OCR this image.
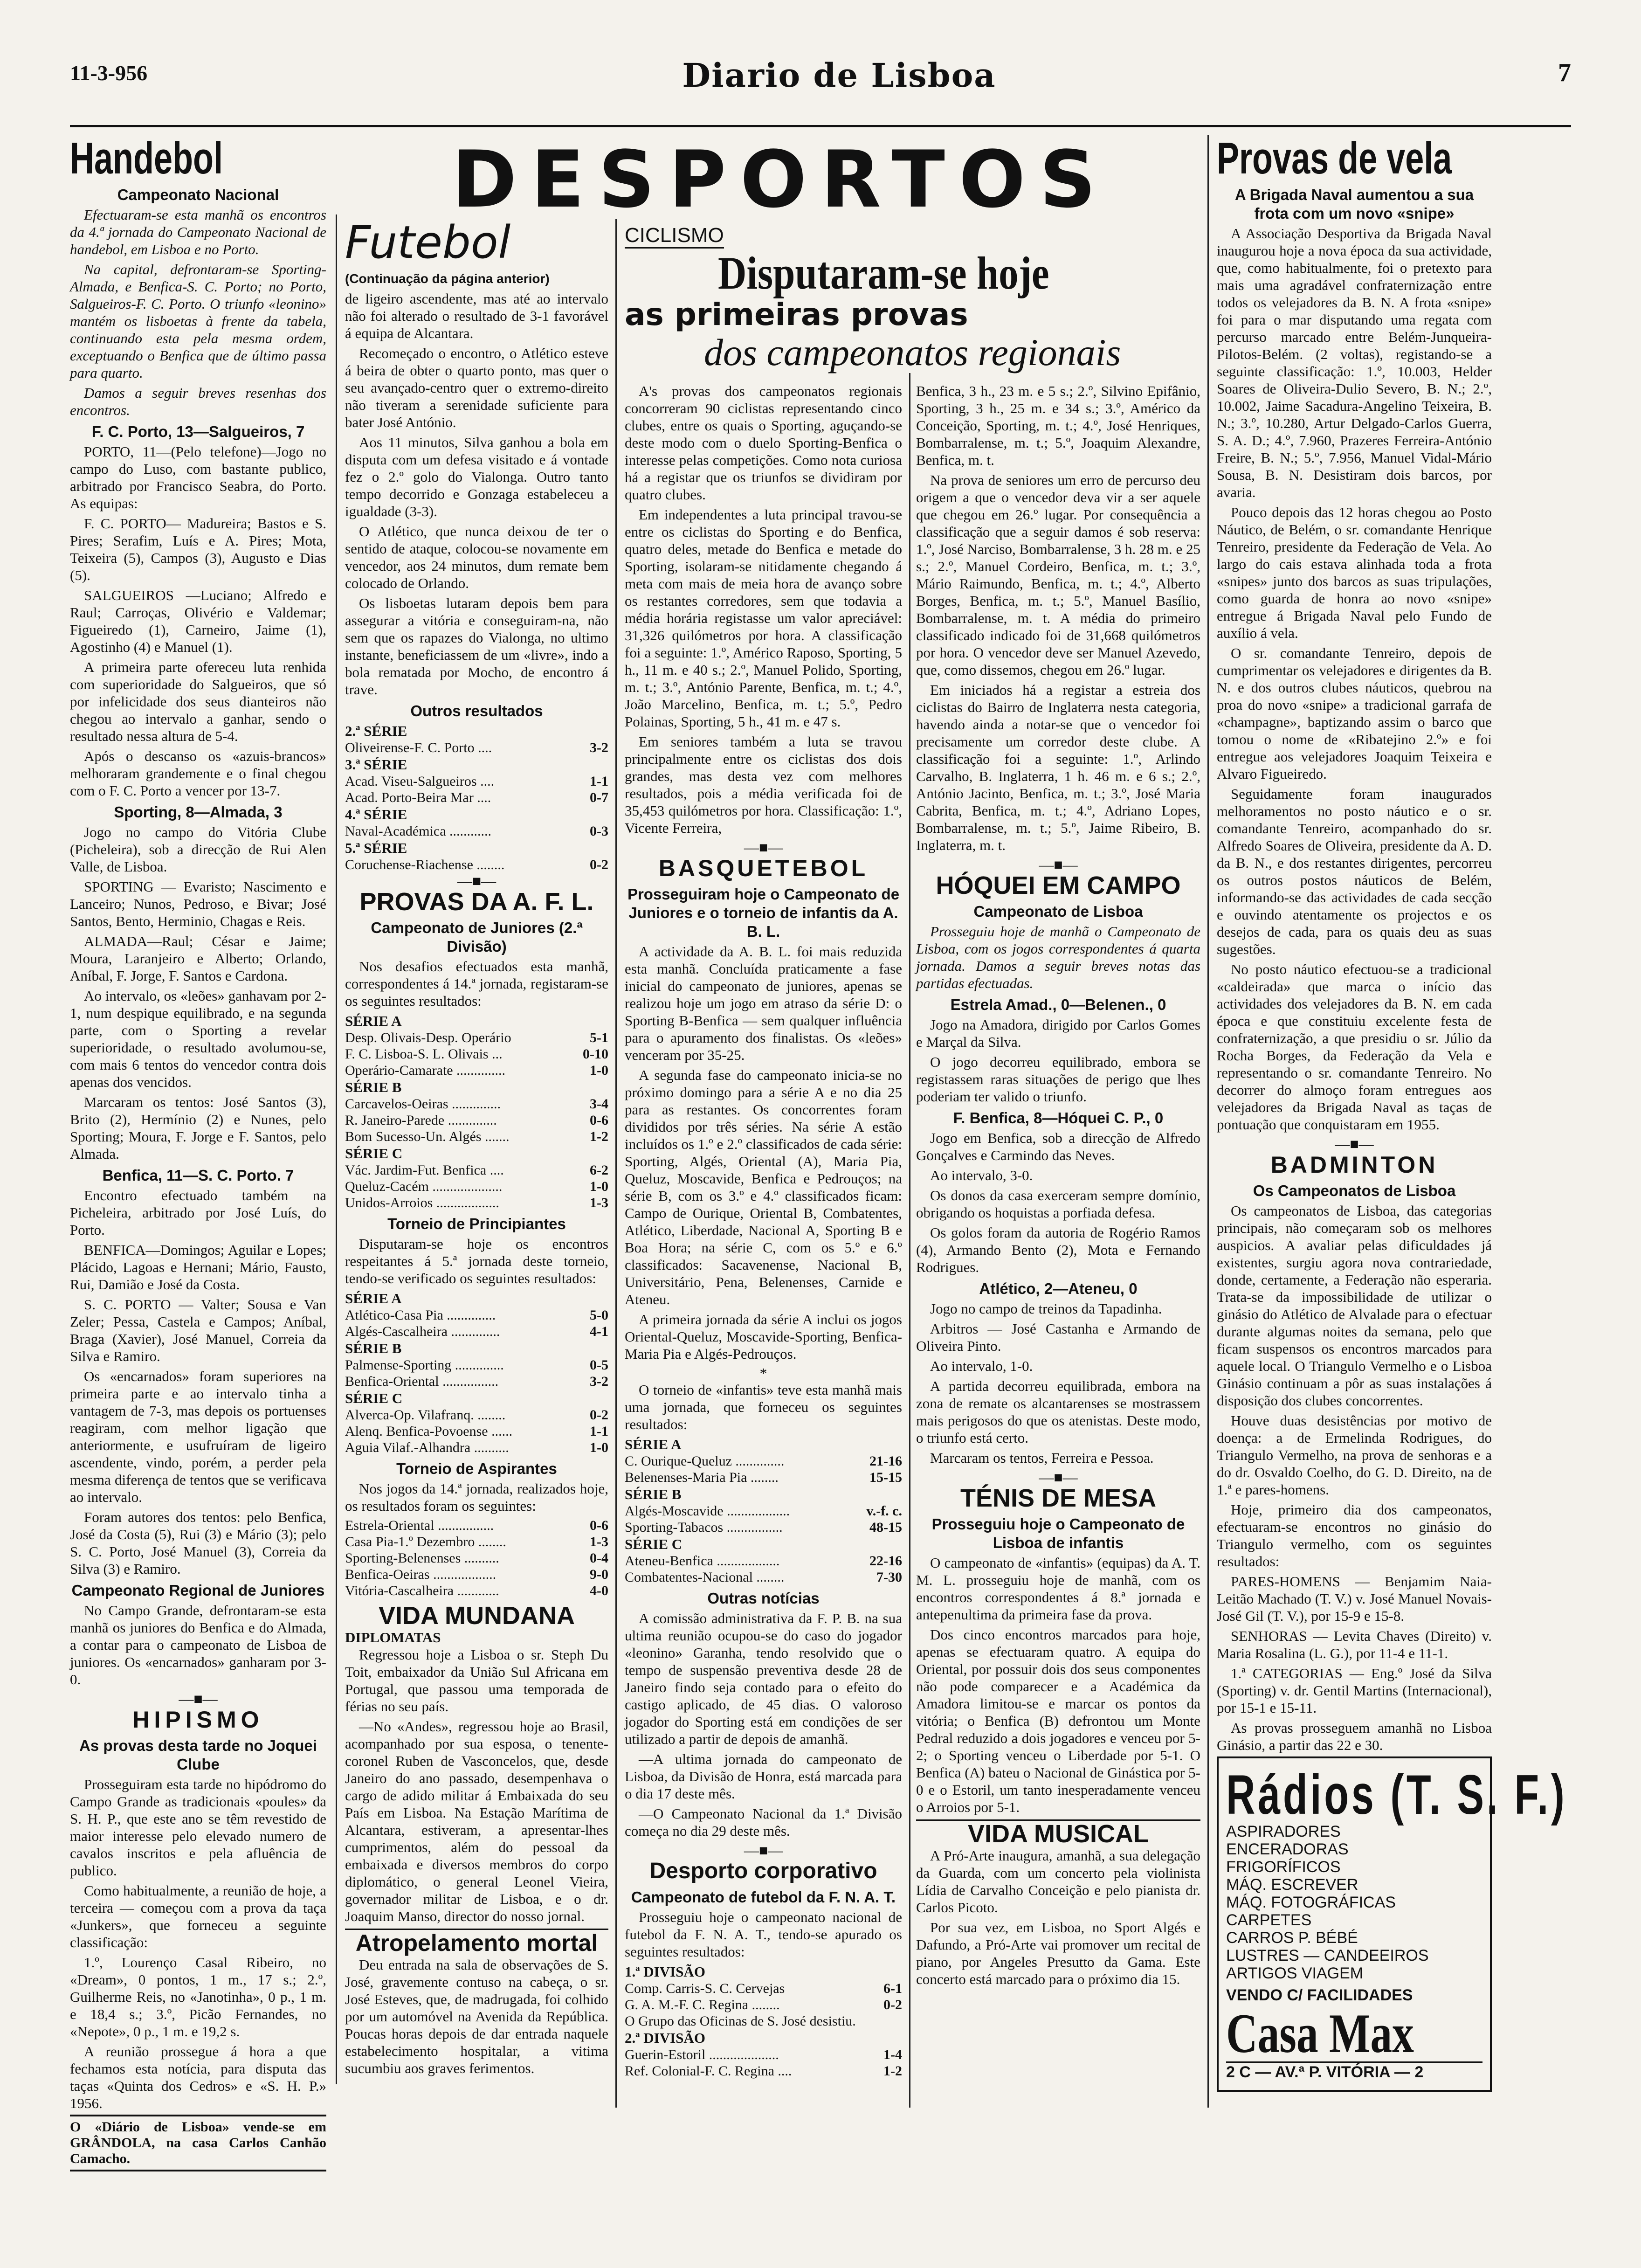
11-3-956	Diario de Lisboa	7
DESPORTOS
Handebol
Campeonato Nacional

Efectuaram-se esta manhã os encontros da 4.ª jornada do Campeonato Nacional de handebol, em Lisboa e no Porto.

Na capital, defrontaram-se Sporting-Almada, e Benfica-S. C. Porto; no Porto, Salgueiros-F. C. Porto. O triunfo «leonino» mantém os lisboetas à frente da tabela, continuando esta pela mesma ordem, exceptuando o Benfica que de último passa para quarto.

Damos a seguir breves resenhas dos encontros.

F. C. Porto, 13—Salgueiros, 7

PORTO, 11—(Pelo telefone)—Jogo no campo do Luso, com bastante publico, arbitrado por Francisco Seabra, do Porto. As equipas:

F. C. PORTO— Madureira; Bastos e S. Pires; Serafim, Luís e A. Pires; Mota, Teixeira (5), Campos (3), Augusto e Dias (5).

SALGUEIROS —Luciano; Alfredo e Raul; Carroças, Olivério e Valdemar; Figueiredo (1), Carneiro, Jaime (1), Agostinho (4) e Manuel (1).

A primeira parte ofereceu luta renhida com superioridade do Salgueiros, que só por infelicidade dos seus dianteiros não chegou ao intervalo a ganhar, sendo o resultado nessa altura de 5-4.

Após o descanso os «azuis-brancos» melhoraram grandemente e o final chegou com o F. C. Porto a vencer por 13-7.

Sporting, 8—Almada, 3

Jogo no campo do Vitória Clube (Picheleira), sob a direcção de Rui Alen Valle, de Lisboa.

SPORTING — Evaristo; Nascimento e Lanceiro; Nunos, Pedroso, e Bivar; José Santos, Bento, Herminio, Chagas e Reis.

ALMADA—Raul; César e Jaime; Moura, Laranjeiro e Alberto; Orlando, Aníbal, F. Jorge, F. Santos e Cardona.

Ao intervalo, os «leões» ganhavam por 2-1, num despique equilibrado, e na segunda parte, com o Sporting a revelar superioridade, o resultado avolumou-se, com mais 6 tentos do vencedor contra dois apenas dos vencidos.

Marcaram os tentos: José Santos (3), Brito (2), Hermínio (2) e Nunes, pelo Sporting; Moura, F. Jorge e F. Santos, pelo Almada.

Benfica, 11—S. C. Porto. 7

Encontro efectuado também na Picheleira, arbitrado por José Luís, do Porto.

BENFICA—Domingos; Aguilar e Lopes; Plácido, Lagoas e Hernani; Mário, Fausto, Rui, Damião e José da Costa.

S. C. PORTO — Valter; Sousa e Van Zeler; Pessa, Castela e Campos; Aníbal, Braga (Xavier), José Manuel, Correia da Silva e Ramiro.

Os «encarnados» foram superiores na primeira parte e ao intervalo tinha a vantagem de 7-3, mas depois os portuenses reagiram, com melhor ligação que anteriormente, e usufruíram de ligeiro ascendente, vindo, porém, a perder pela mesma diferença de tentos que se verificava ao intervalo.

Foram autores dos tentos: pelo Benfica, José da Costa (5), Rui (3) e Mário (3); pelo S. C. Porto, José Manuel (3), Correia da Silva (3) e Ramiro.

Campeonato Regional de Juniores

No Campo Grande, defrontaram-se esta manhã os juniores do Benfica e do Almada, a contar para o campeonato de Lisboa de juniores. Os «encarnados» ganharam por 3-0.

—■—
HIPISMO
As provas desta tarde no Joquei Clube

Prosseguiram esta tarde no hipódromo do Campo Grande as tradicionais «poules» da S. H. P., que este ano se têm revestido de maior interesse pelo elevado numero de cavalos inscritos e pela afluência de publico.

Como habitualmente, a reunião de hoje, a terceira — começou com a prova da taça «Junkers», que forneceu a seguinte classificação:

1.º, Lourenço Casal Ribeiro, no «Dream», 0 pontos, 1 m., 17 s.; 2.º, Guilherme Reis, no «Janotinha», 0 p., 1 m. e 18,4 s.; 3.º, Picão Fernandes, no «Nepote», 0 p., 1 m. e 19,2 s.

A reunião prossegue á hora a que fechamos esta notícia, para disputa das taças «Quinta dos Cedros» e «S. H. P.» 1956.

O «Diário de Lisboa» vende-se em GRÂNDOLA, na casa Carlos Canhão Camacho.
Futebol
(Continuação da página anterior)

de ligeiro ascendente, mas até ao intervalo não foi alterado o resultado de 3-1 favorável á equipa de Alcantara.

Recomeçado o encontro, o Atlético esteve á beira de obter o quarto ponto, mas quer o seu avançado-centro quer o extremo-direito não tiveram a serenidade suficiente para bater José António.

Aos 11 minutos, Silva ganhou a bola em disputa com um defesa visitado e á vontade fez o 2.º golo do Vialonga. Outro tanto tempo decorrido e Gonzaga estabeleceu a igualdade (3-3).

O Atlético, que nunca deixou de ter o sentido de ataque, colocou-se novamente em vencedor, aos 24 minutos, dum remate bem colocado de Orlando.

Os lisboetas lutaram depois bem para assegurar a vitória e conseguiram-na, não sem que os rapazes do Vialonga, no ultimo instante, beneficiassem de um «livre», indo a bola rematada por Mocho, de encontro á trave.

Outros resultados
2.ª SÉRIE
Oliveirense-F. C. Porto ....	3-2
3.ª SÉRIE
Acad. Viseu-Salgueiros ....	1-1
Acad. Porto-Beira Mar ....	0-7
4.ª SÉRIE
Naval-Académica ............	0-3
5.ª SÉRIE
Coruchense-Riachense ........	0-2
—■—
PROVAS DA A. F. L.
Campeonato de Juniores (2.ª Divisão)

Nos desafios efectuados esta manhã, correspondentes á 14.ª jornada, registaram-se os seguintes resultados:

SÉRIE A
Desp. Olivais-Desp. Operário	5-1
F. C. Lisboa-S. L. Olivais ...	0-10
Operário-Camarate ..............	1-0
SÉRIE B
Carcavelos-Oeiras ..............	3-4
R. Janeiro-Parede ..............	0-6
Bom Sucesso-Un. Algés .......	1-2
SÉRIE C
Vác. Jardim-Fut. Benfica ....	6-2
Queluz-Cacém ....................	1-0
Unidos-Arroios ..................	1-3
Torneio de Principiantes

Disputaram-se hoje os encontros respeitantes á 5.ª jornada deste torneio, tendo-se verificado os seguintes resultados:

SÉRIE A
Atlético-Casa Pia ..............	5-0
Algés-Cascalheira ..............	4-1
SÉRIE B
Palmense-Sporting ..............	0-5
Benfica-Oriental ................	3-2
SÉRIE C
Alverca-Op. Vilafranq. ........	0-2
Alenq. Benfica-Povoense ......	1-1
Aguia Vilaf.-Alhandra ..........	1-0
Torneio de Aspirantes

Nos jogos da 14.ª jornada, realizados hoje, os resultados foram os seguintes:

Estrela-Oriental ................	0-6
Casa Pia-1.º Dezembro ........	1-3
Sporting-Belenenses ..........	0-4
Benfica-Oeiras ..................	9-0
Vitória-Cascalheira ............	4-0
VIDA MUNDANA
DIPLOMATAS

Regressou hoje a Lisboa o sr. Steph Du Toit, embaixador da União Sul Africana em Portugal, que passou uma temporada de férias no seu país.

—No «Andes», regressou hoje ao Brasil, acompanhado por sua esposa, o tenente-coronel Ruben de Vasconcelos, que, desde Janeiro do ano passado, desempenhava o cargo de adido militar á Embaixada do seu País em Lisboa. Na Estação Marítima de Alcantara, estiveram, a apresentar-lhes cumprimentos, além do pessoal da embaixada e diversos membros do corpo diplomático, o general Leonel Vieira, governador militar de Lisboa, e o dr. Joaquim Manso, director do nosso jornal.

Atropelamento mortal

Deu entrada na sala de observações de S. José, gravemente contuso na cabeça, o sr. José Esteves, que, de madrugada, foi colhido por um automóvel na Avenida da República. Poucas horas depois de dar entrada naquele estabelecimento hospitalar, a vitima sucumbiu aos graves ferimentos.

CICLISMO
Disputaram-se hoje
as primeiras provas
dos campeonatos regionais

A's provas dos campeonatos regionais concorreram 90 ciclistas representando cinco clubes, entre os quais o Sporting, aguçando-se deste modo com o duelo Sporting-Benfica o interesse pelas competições. Como nota curiosa há a registar que os triunfos se dividiram por quatro clubes.

Em independentes a luta principal travou-se entre os ciclistas do Sporting e do Benfica, quatro deles, metade do Benfica e metade do Sporting, isolaram-se nitidamente chegando á meta com mais de meia hora de avanço sobre os restantes corredores, sem que todavia a média horária registasse um valor apreciável: 31,326 quilómetros por hora. A classificação foi a seguinte: 1.º, Américo Raposo, Sporting, 5 h., 11 m. e 40 s.; 2.º, Manuel Polido, Sporting, m. t.; 3.º, António Parente, Benfica, m. t.; 4.º, João Marcelino, Benfica, m. t.; 5.º, Pedro Polainas, Sporting, 5 h., 41 m. e 47 s.

Em seniores também a luta se travou principalmente entre os ciclistas dos dois grandes, mas desta vez com melhores resultados, pois a média verificada foi de 35,453 quilómetros por hora. Classificação: 1.º, Vicente Ferreira,

—■—
BASQUETEBOL
Prosseguiram hoje o Campeonato de Juniores e o torneio de infantis da A. B. L.

A actividade da A. B. L. foi mais reduzida esta manhã. Concluída praticamente a fase inicial do campeonato de juniores, apenas se realizou hoje um jogo em atraso da série D: o Sporting B-Benfica — sem qualquer influência para o apuramento dos finalistas. Os «leões» venceram por 35-25.

A segunda fase do campeonato inicia-se no próximo domingo para a série A e no dia 25 para as restantes. Os concorrentes foram divididos por três séries. Na série A estão incluídos os 1.º e 2.º classificados de cada série: Sporting, Algés, Oriental (A), Maria Pia, Queluz, Moscavide, Benfica e Pedrouços; na série B, com os 3.º e 4.º classificados ficam: Campo de Ourique, Oriental B, Combatentes, Atlético, Liberdade, Nacional A, Sporting B e Boa Hora; na série C, com os 5.º e 6.º classificados: Sacavenense, Nacional B, Universitário, Pena, Belenenses, Carnide e Ateneu.

A primeira jornada da série A inclui os jogos Oriental-Queluz, Moscavide-Sporting, Benfica-Maria Pia e Algés-Pedrouços.

*

O torneio de «infantis» teve esta manhã mais uma jornada, que forneceu os seguintes resultados:

SÉRIE A
C. Ourique-Queluz ..............	21-16
Belenenses-Maria Pia ........	15-15
SÉRIE B
Algés-Moscavide ..................	v.-f. c.
Sporting-Tabacos ................	48-15
SÉRIE C
Ateneu-Benfica ..................	22-16
Combatentes-Nacional ........	7-30
Outras notícias

A comissão administrativa da F. P. B. na sua ultima reunião ocupou-se do caso do jogador «leonino» Garanha, tendo resolvido que o tempo de suspensão preventiva desde 28 de Janeiro findo seja contado para o efeito do castigo aplicado, de 45 dias. O valoroso jogador do Sporting está em condições de ser utilizado a partir de depois de amanhã.

—A ultima jornada do campeonato de Lisboa, da Divisão de Honra, está marcada para o dia 17 deste mês.

—O Campeonato Nacional da 1.ª Divisão começa no dia 29 deste mês.

—■—
Desporto corporativo
Campeonato de futebol da F. N. A. T.

Prosseguiu hoje o campeonato nacional de futebol da F. N. A. T., tendo-se apurado os seguintes resultados:

1.ª DIVISÃO
Comp. Carris-S. C. Cervejas	6-1
G. A. M.-F. C. Regina ........	0-2
O Grupo das Oficinas de S. José desistiu.
2.ª DIVISÃO
Guerin-Estoril ....................	1-4
Ref. Colonial-F. C. Regina ....	1-2

Benfica, 3 h., 23 m. e 5 s.; 2.º, Silvino Epifânio, Sporting, 3 h., 25 m. e 34 s.; 3.º, Américo da Conceição, Sporting, m. t.; 4.º, José Henriques, Bombarralense, m. t.; 5.º, Joaquim Alexandre, Benfica, m. t.

Na prova de seniores um erro de percurso deu origem a que o vencedor deva vir a ser aquele que chegou em 26.º lugar. Por consequência a classificação que a seguir damos é sob reserva: 1.º, José Narciso, Bombarralense, 3 h. 28 m. e 25 s.; 2.º, Manuel Cordeiro, Benfica, m. t.; 3.º, Mário Raimundo, Benfica, m. t.; 4.º, Alberto Borges, Benfica, m. t.; 5.º, Manuel Basílio, Bombarralense, m. t. A média do primeiro classificado indicado foi de 31,668 quilómetros por hora. O vencedor deve ser Manuel Azevedo, que, como dissemos, chegou em 26.º lugar.

Em iniciados há a registar a estreia dos ciclistas do Bairro de Inglaterra nesta categoria, havendo ainda a notar-se que o vencedor foi precisamente um corredor deste clube. A classificação foi a seguinte: 1.º, Arlindo Carvalho, B. Inglaterra, 1 h. 46 m. e 6 s.; 2.º, António Jacinto, Benfica, m. t.; 3.º, José Maria Cabrita, Benfica, m. t.; 4.º, Adriano Lopes, Bombarralense, m. t.; 5.º, Jaime Ribeiro, B. Inglaterra, m. t.

—■—
HÓQUEI EM CAMPO
Campeonato de Lisboa

Prosseguiu hoje de manhã o Campeonato de Lisboa, com os jogos correspondentes á quarta jornada. Damos a seguir breves notas das partidas efectuadas.

Estrela Amad., 0—Belenen., 0

Jogo na Amadora, dirigido por Carlos Gomes e Marçal da Silva.

O jogo decorreu equilibrado, embora se registassem raras situações de perigo que lhes poderiam ter valido o triunfo.

F. Benfica, 8—Hóquei C. P., 0

Jogo em Benfica, sob a direcção de Alfredo Gonçalves e Carmindo das Neves.

Ao intervalo, 3-0.

Os donos da casa exerceram sempre domínio, obrigando os hoquistas a porfiada defesa.

Os golos foram da autoria de Rogério Ramos (4), Armando Bento (2), Mota e Fernando Rodrigues.

Atlético, 2—Ateneu, 0

Jogo no campo de treinos da Tapadinha.

Arbitros — José Castanha e Armando de Oliveira Pinto.

Ao intervalo, 1-0.

A partida decorreu equilibrada, embora na zona de remate os alcantarenses se mostrassem mais perigosos do que os atenistas. Deste modo, o triunfo está certo.

Marcaram os tentos, Ferreira e Pessoa.

—■—
TÉNIS DE MESA
Prosseguiu hoje o Campeonato de Lisboa de infantis

O campeonato de «infantis» (equipas) da A. T. M. L. prosseguiu hoje de manhã, com os encontros correspondentes á 8.ª jornada e antepenultima da primeira fase da prova.

Dos cinco encontros marcados para hoje, apenas se efectuaram quatro. A equipa do Oriental, por possuir dois dos seus componentes não pode comparecer e a Académica da Amadora limitou-se e marcar os pontos da vitória; o Benfica (B) defrontou um Monte Pedral reduzido a dois jogadores e venceu por 5-2; o Sporting venceu o Liberdade por 5-1. O Benfica (A) bateu o Nacional de Ginástica por 5-0 e o Estoril, um tanto inesperadamente venceu o Arroios por 5-1.

VIDA MUSICAL

A Pró-Arte inaugura, amanhã, a sua delegação da Guarda, com um concerto pela violinista Lídia de Carvalho Conceição e pelo pianista dr. Carlos Picoto.

Por sua vez, em Lisboa, no Sport Algés e Dafundo, a Pró-Arte vai promover um recital de piano, por Angeles Presutto da Gama. Este concerto está marcado para o próximo dia 15.

Provas de vela
A Brigada Naval aumentou a sua frota com um novo «snipe»

A Associação Desportiva da Brigada Naval inaugurou hoje a nova época da sua actividade, que, como habitualmente, foi o pretexto para mais uma agradável confraternização entre todos os velejadores da B. N. A frota «snipe» foi para o mar disputando uma regata com percurso marcado entre Belém-Junqueira-Pilotos-Belém. (2 voltas), registando-se a seguinte classificação: 1.º, 10.003, Helder Soares de Oliveira-Dulio Severo, B. N.; 2.º, 10.002, Jaime Sacadura-Angelino Teixeira, B. N.; 3.º, 10.280, Artur Delgado-Carlos Guerra, S. A. D.; 4.º, 7.960, Prazeres Ferreira-António Freire, B. N.; 5.º, 7.956, Manuel Vidal-Mário Sousa, B. N. Desistiram dois barcos, por avaria.

Pouco depois das 12 horas chegou ao Posto Náutico, de Belém, o sr. comandante Henrique Tenreiro, presidente da Federação de Vela. Ao largo do cais estava alinhada toda a frota «snipes» junto dos barcos as suas tripulações, como guarda de honra ao novo «snipe» entregue á Brigada Naval pelo Fundo de auxílio á vela.

O sr. comandante Tenreiro, depois de cumprimentar os velejadores e dirigentes da B. N. e dos outros clubes náuticos, quebrou na proa do novo «snipe» a tradicional garrafa de «champagne», baptizando assim o barco que tomou o nome de «Ribatejino 2.º» e foi entregue aos velejadores Joaquim Teixeira e Alvaro Figueiredo.

Seguidamente foram inaugurados melhoramentos no posto náutico e o sr. comandante Tenreiro, acompanhado do sr. Alfredo Soares de Oliveira, presidente da A. D. da B. N., e dos restantes dirigentes, percorreu os outros postos náuticos de Belém, informando-se das actividades de cada secção e ouvindo atentamente os projectos e os desejos de cada, para os quais deu as suas sugestões.

No posto náutico efectuou-se a tradicional «caldeirada» que marca o início das actividades dos velejadores da B. N. em cada época e que constituiu excelente festa de confraternização, a que presidiu o sr. Júlio da Rocha Borges, da Federação da Vela e representando o sr. comandante Tenreiro. No decorrer do almoço foram entregues aos velejadores da Brigada Naval as taças de pontuação que conquistaram em 1955.

—■—
BADMINTON
Os Campeonatos de Lisboa

Os campeonatos de Lisboa, das categorias principais, não começaram sob os melhores auspicios. A avaliar pelas dificuldades já existentes, surgiu agora nova contrariedade, donde, certamente, a Federação não esperaria. Trata-se da impossibilidade de utilizar o ginásio do Atlético de Alvalade para o efectuar durante algumas noites da semana, pelo que ficam suspensos os encontros marcados para aquele local. O Triangulo Vermelho e o Lisboa Ginásio continuam a pôr as suas instalações á disposição dos clubes concorrentes.

Houve duas desistências por motivo de doença: a de Ermelinda Rodrigues, do Triangulo Vermelho, na prova de senhoras e a do dr. Osvaldo Coelho, do G. D. Direito, na de 1.ª e pares-homens.

Hoje, primeiro dia dos campeonatos, efectuaram-se encontros no ginásio do Triangulo vermelho, com os seguintes resultados:

PARES-HOMENS — Benjamim Naia-Leitão Machado (T. V.) v. José Manuel Novais-José Gil (T. V.), por 15-9 e 15-8.

SENHORAS — Levita Chaves (Direito) v. Maria Rosalina (L. G.), por 11-4 e 11-1.

1.ª CATEGORIAS — Eng.º José da Silva (Sporting) v. dr. Gentil Martins (Internacional), por 15-1 e 15-11.

As provas prosseguem amanhã no Lisboa Ginásio, a partir das 22 e 30.

Rádios (T. S. F.)
ASPIRADORES
ENCERADORAS
FRIGORÍFICOS
MÁQ. ESCREVER
MÁQ. FOTOGRÁFICAS
CARPETES
CARROS P. BÉBÉ
LUSTRES — CANDEEIROS
ARTIGOS VIAGEM
VENDO C/ FACILIDADES
Casa Max
2 C — AV.ª P. VITÓRIA — 2
